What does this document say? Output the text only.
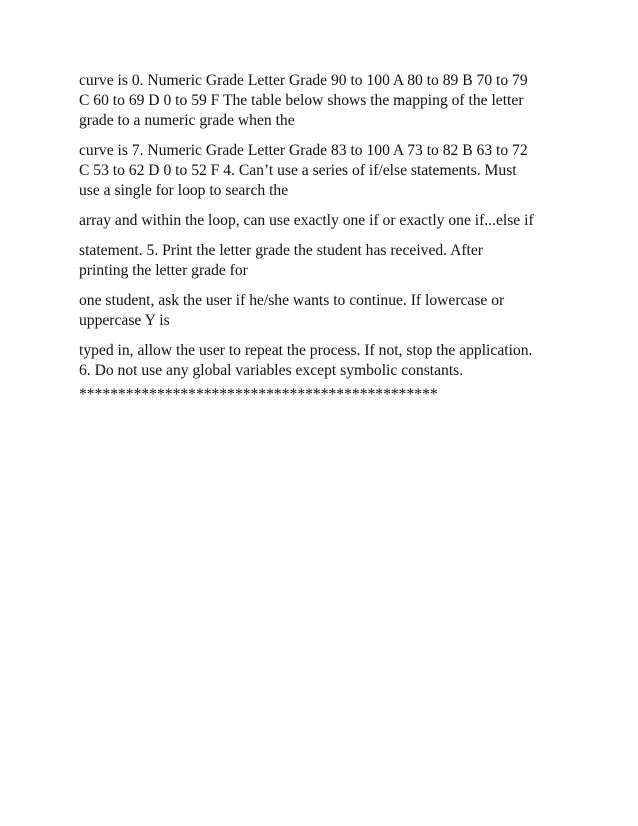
curve is 0. Numeric Grade Letter Grade 90 to 100 A 80 to 89 B 70 to 79
C 60 to 69 D 0 to 59 F The table below shows the mapping of the letter
grade to a numeric grade when the

curve is 7. Numeric Grade Letter Grade 83 to 100 A 73 to 82 B 63 to 72
C 53 to 62 D 0 to 52 F 4. Can’t use a series of if/else statements. Must
use a single for loop to search the

array and within the loop, can use exactly one if or exactly one if...else if

statement. 5. Print the letter grade the student has received. After
printing the letter grade for

one student, ask the user if he/she wants to continue. If lowercase or
uppercase Y is

typed in, allow the user to repeat the process. If not, stop the application.
6. Do not use any global variables except symbolic constants.

**********************************************
